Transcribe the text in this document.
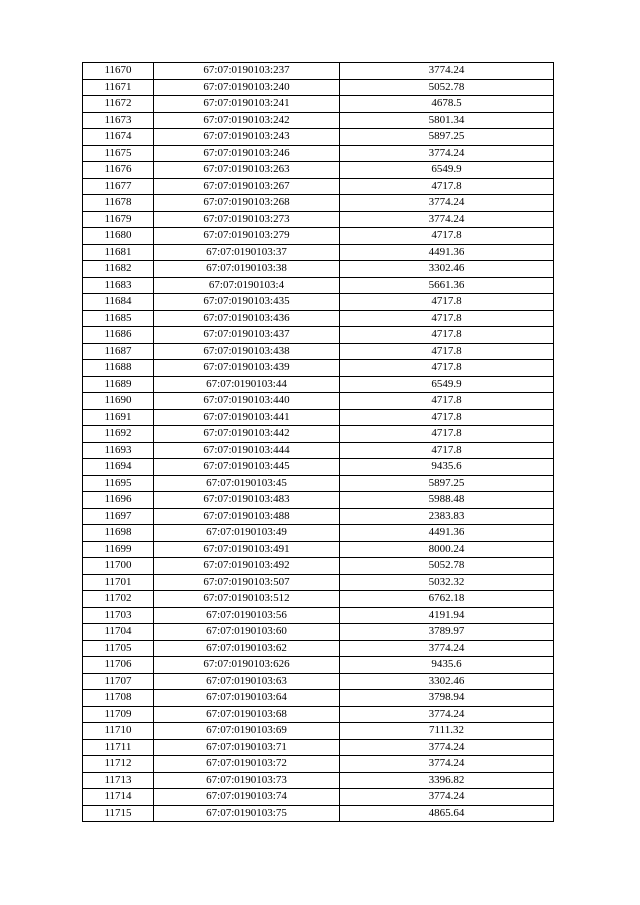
11670	67:07:0190103:237	3774.24
11671	67:07:0190103:240	5052.78
11672	67:07:0190103:241	4678.5
11673	67:07:0190103:242	5801.34
11674	67:07:0190103:243	5897.25
11675	67:07:0190103:246	3774.24
11676	67:07:0190103:263	6549.9
11677	67:07:0190103:267	4717.8
11678	67:07:0190103:268	3774.24
11679	67:07:0190103:273	3774.24
11680	67:07:0190103:279	4717.8
11681	67:07:0190103:37	4491.36
11682	67:07:0190103:38	3302.46
11683	67:07:0190103:4	5661.36
11684	67:07:0190103:435	4717.8
11685	67:07:0190103:436	4717.8
11686	67:07:0190103:437	4717.8
11687	67:07:0190103:438	4717.8
11688	67:07:0190103:439	4717.8
11689	67:07:0190103:44	6549.9
11690	67:07:0190103:440	4717.8
11691	67:07:0190103:441	4717.8
11692	67:07:0190103:442	4717.8
11693	67:07:0190103:444	4717.8
11694	67:07:0190103:445	9435.6
11695	67:07:0190103:45	5897.25
11696	67:07:0190103:483	5988.48
11697	67:07:0190103:488	2383.83
11698	67:07:0190103:49	4491.36
11699	67:07:0190103:491	8000.24
11700	67:07:0190103:492	5052.78
11701	67:07:0190103:507	5032.32
11702	67:07:0190103:512	6762.18
11703	67:07:0190103:56	4191.94
11704	67:07:0190103:60	3789.97
11705	67:07:0190103:62	3774.24
11706	67:07:0190103:626	9435.6
11707	67:07:0190103:63	3302.46
11708	67:07:0190103:64	3798.94
11709	67:07:0190103:68	3774.24
11710	67:07:0190103:69	7111.32
11711	67:07:0190103:71	3774.24
11712	67:07:0190103:72	3774.24
11713	67:07:0190103:73	3396.82
11714	67:07:0190103:74	3774.24
11715	67:07:0190103:75	4865.64
